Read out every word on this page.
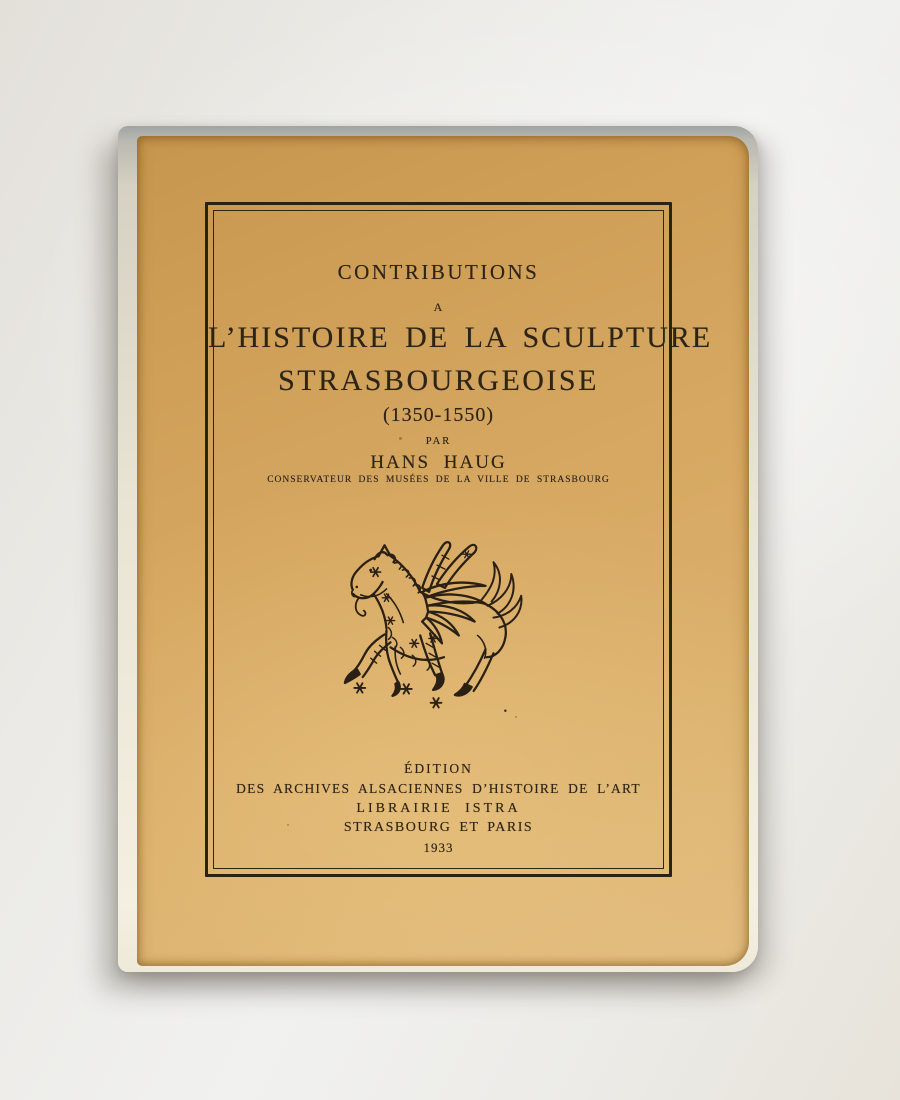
CONTRIBUTIONS
A
L’HISTOIRE DE LA SCULPTURE
STRASBOURGEOISE
(1350-1550)
PAR
HANS HAUG
CONSERVATEUR DES MUSÉES DE LA VILLE DE STRASBOURG
ÉDITION
DES ARCHIVES ALSACIENNES D’HISTOIRE DE L’ART
LIBRAIRIE ISTRA
STRASBOURG ET PARIS
1933
